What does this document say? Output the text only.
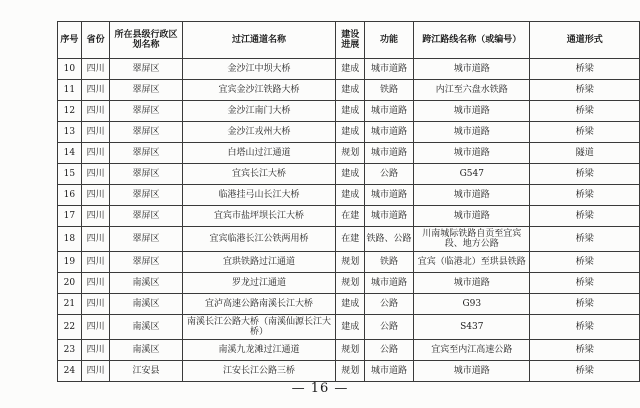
序号	省份	所在县级行政区划名称	过江通道名称	建设进展	功能	跨江路线名称（或编号）	通道形式
10	四川	翠屏区	金沙江中坝大桥	建成	城市道路	城市道路	桥梁
11	四川	翠屏区	宜宾金沙江铁路大桥	建成	铁路	内江至六盘水铁路	桥梁
12	四川	翠屏区	金沙江南门大桥	建成	城市道路	城市道路	桥梁
13	四川	翠屏区	金沙江戎州大桥	建成	城市道路	城市道路	桥梁
14	四川	翠屏区	白塔山过江通道	规划	城市道路	城市道路	隧道
15	四川	翠屏区	宜宾长江大桥	建成	公路	G547	桥梁
16	四川	翠屏区	临港挂弓山长江大桥	建成	城市道路	城市道路	桥梁
17	四川	翠屏区	宜宾市盐坪坝长江大桥	在建	城市道路	城市道路	桥梁
18	四川	翠屏区	宜宾临港长江公铁两用桥	在建	铁路、公路	川南城际铁路自贡至宜宾段、地方公路	桥梁
19	四川	翠屏区	宜珙铁路过江通道	规划	铁路	宜宾（临港北）至珙县铁路	桥梁
20	四川	南溪区	罗龙过江通道	规划	城市道路	城市道路	桥梁
21	四川	南溪区	宜泸高速公路南溪长江大桥	建成	公路	G93	桥梁
22	四川	南溪区	南溪长江公路大桥（南溪仙源长江大桥）	建成	公路	S437	桥梁
23	四川	南溪区	南溪九龙滩过江通道	规划	公路	宜宾至内江高速公路	桥梁
24	四川	江安县	江安长江公路三桥	规划	城市道路	城市道路	桥梁
— 16 —
